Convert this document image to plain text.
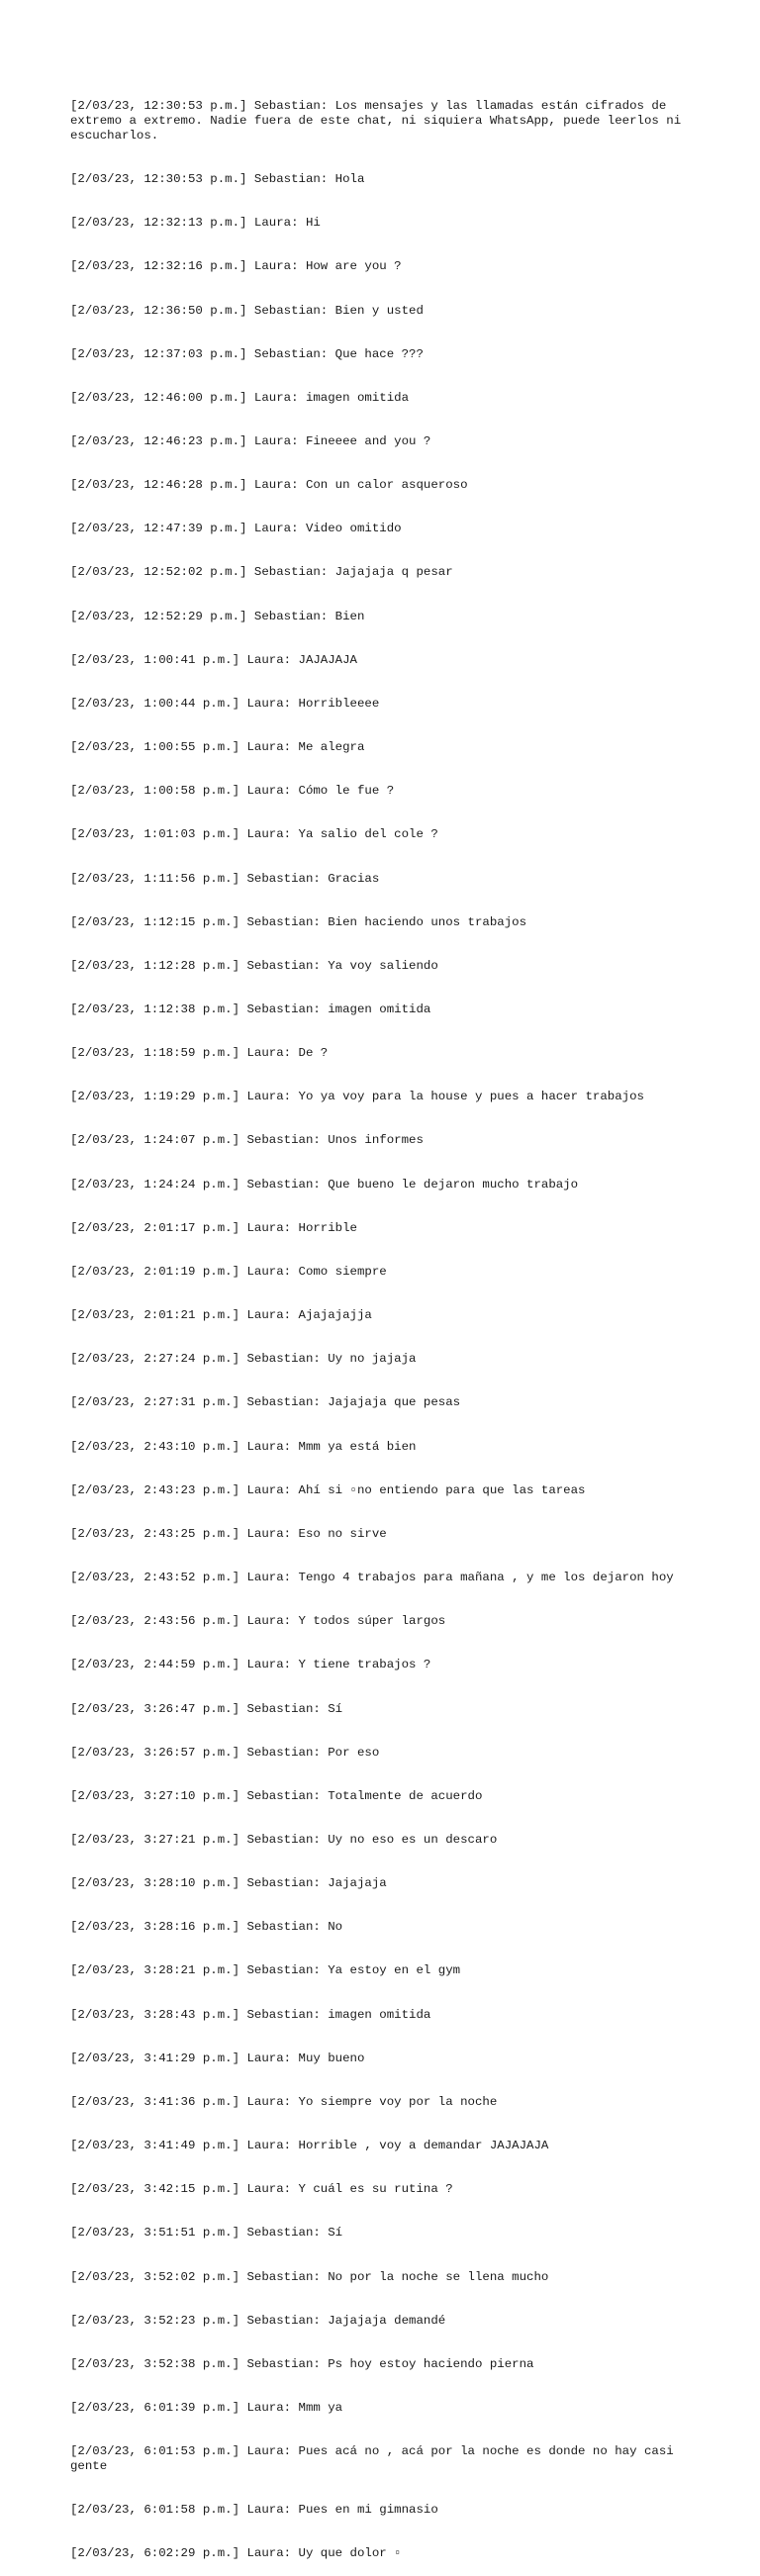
[2/03/23, 12:30:53 p.m.] Sebastian: Los mensajes y las llamadas están cifrados de extremo a extremo. Nadie fuera de este chat, ni siquiera WhatsApp, puede leerlos ni escucharlos.

[2/03/23, 12:30:53 p.m.] Sebastian: Hola

[2/03/23, 12:32:13 p.m.] Laura: Hi

[2/03/23, 12:32:16 p.m.] Laura: How are you ?

[2/03/23, 12:36:50 p.m.] Sebastian: Bien y usted

[2/03/23, 12:37:03 p.m.] Sebastian: Que hace ???

[2/03/23, 12:46:00 p.m.] Laura: imagen omitida

[2/03/23, 12:46:23 p.m.] Laura: Fineeee and you ?

[2/03/23, 12:46:28 p.m.] Laura: Con un calor asqueroso

[2/03/23, 12:47:39 p.m.] Laura: Video omitido

[2/03/23, 12:52:02 p.m.] Sebastian: Jajajaja q pesar

[2/03/23, 12:52:29 p.m.] Sebastian: Bien

[2/03/23, 1:00:41 p.m.] Laura: JAJAJAJA

[2/03/23, 1:00:44 p.m.] Laura: Horribleeee

[2/03/23, 1:00:55 p.m.] Laura: Me alegra

[2/03/23, 1:00:58 p.m.] Laura: Cómo le fue ?

[2/03/23, 1:01:03 p.m.] Laura: Ya salio del cole ?

[2/03/23, 1:11:56 p.m.] Sebastian: Gracias

[2/03/23, 1:12:15 p.m.] Sebastian: Bien haciendo unos trabajos

[2/03/23, 1:12:28 p.m.] Sebastian: Ya voy saliendo

[2/03/23, 1:12:38 p.m.] Sebastian: imagen omitida

[2/03/23, 1:18:59 p.m.] Laura: De ?

[2/03/23, 1:19:29 p.m.] Laura: Yo ya voy para la house y pues a hacer trabajos

[2/03/23, 1:24:07 p.m.] Sebastian: Unos informes

[2/03/23, 1:24:24 p.m.] Sebastian: Que bueno le dejaron mucho trabajo

[2/03/23, 2:01:17 p.m.] Laura: Horrible

[2/03/23, 2:01:19 p.m.] Laura: Como siempre

[2/03/23, 2:01:21 p.m.] Laura: Ajajajajja

[2/03/23, 2:27:24 p.m.] Sebastian: Uy no jajaja

[2/03/23, 2:27:31 p.m.] Sebastian: Jajajaja que pesas

[2/03/23, 2:43:10 p.m.] Laura: Mmm ya está bien

[2/03/23, 2:43:23 p.m.] Laura: Ahí si ▫no entiendo para que las tareas

[2/03/23, 2:43:25 p.m.] Laura: Eso no sirve

[2/03/23, 2:43:52 p.m.] Laura: Tengo 4 trabajos para mañana , y me los dejaron hoy

[2/03/23, 2:43:56 p.m.] Laura: Y todos súper largos

[2/03/23, 2:44:59 p.m.] Laura: Y tiene trabajos ?

[2/03/23, 3:26:47 p.m.] Sebastian: Sí

[2/03/23, 3:26:57 p.m.] Sebastian: Por eso

[2/03/23, 3:27:10 p.m.] Sebastian: Totalmente de acuerdo

[2/03/23, 3:27:21 p.m.] Sebastian: Uy no eso es un descaro

[2/03/23, 3:28:10 p.m.] Sebastian: Jajajaja

[2/03/23, 3:28:16 p.m.] Sebastian: No

[2/03/23, 3:28:21 p.m.] Sebastian: Ya estoy en el gym

[2/03/23, 3:28:43 p.m.] Sebastian: imagen omitida

[2/03/23, 3:41:29 p.m.] Laura: Muy bueno

[2/03/23, 3:41:36 p.m.] Laura: Yo siempre voy por la noche

[2/03/23, 3:41:49 p.m.] Laura: Horrible , voy a demandar JAJAJAJA

[2/03/23, 3:42:15 p.m.] Laura: Y cuál es su rutina ?

[2/03/23, 3:51:51 p.m.] Sebastian: Sí

[2/03/23, 3:52:02 p.m.] Sebastian: No por la noche se llena mucho

[2/03/23, 3:52:23 p.m.] Sebastian: Jajajaja demandé

[2/03/23, 3:52:38 p.m.] Sebastian: Ps hoy estoy haciendo pierna

[2/03/23, 6:01:39 p.m.] Laura: Mmm ya

[2/03/23, 6:01:53 p.m.] Laura: Pues acá no , acá por la noche es donde no hay casi gente

[2/03/23, 6:01:58 p.m.] Laura: Pues en mi gimnasio

[2/03/23, 6:02:29 p.m.] Laura: Uy que dolor ▫
